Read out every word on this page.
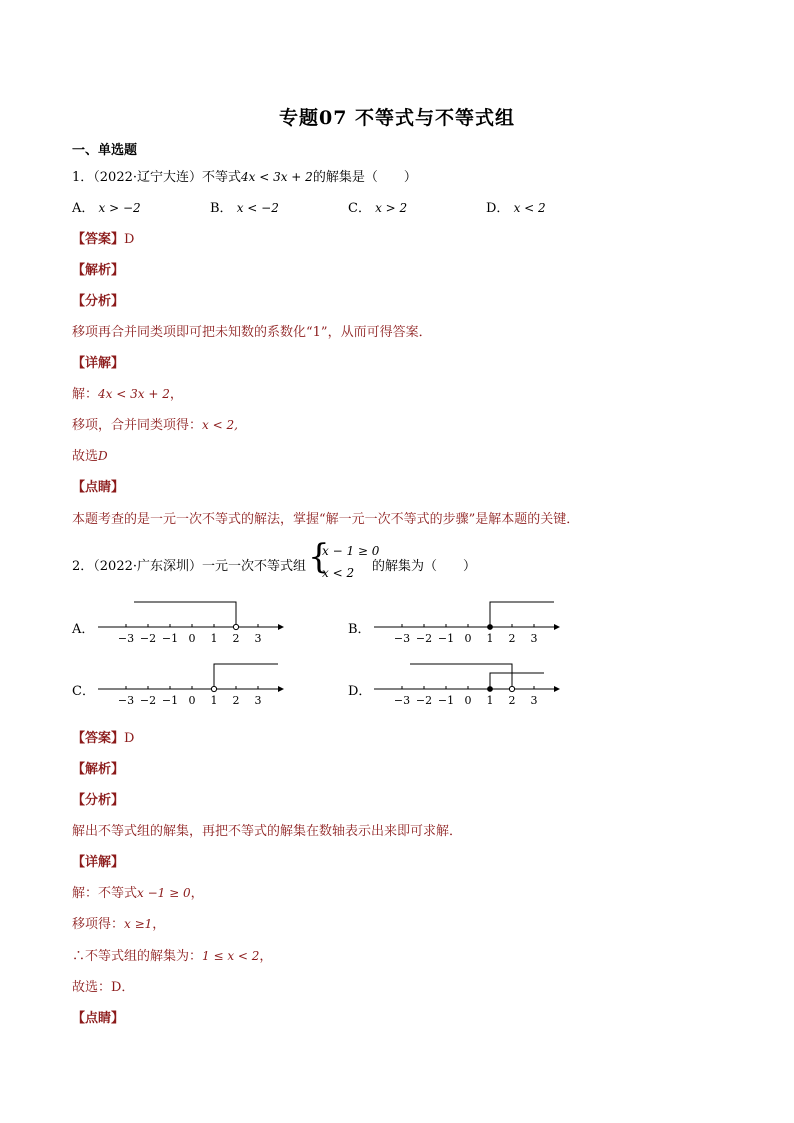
专题07 不等式与不等式组
一、单选题
1．（2022·辽宁大连）不等式4x < 3x + 2的解集是（　　）
A． x > −2	B． x < −2	C． x > 2	D． x < 2
【答案】D
【解析】
【分析】
移项再合并同类项即可把未知数的系数化“1”，从而可得答案．
【详解】
解：4x < 3x + 2，
移项，合并同类项得：x < 2,
故选D
【点睛】
本题考查的是一元一次不等式的解法，掌握“解一元一次不等式的步骤”是解本题的关键．
2．（2022·广东深圳）一元一次不等式组 {
x − 1 ≥ 0
x < 2 的解集为（　　）
A．	B．
C．	D．
−3 −2 −1 0 1 2 3	−3 −2 −1 0 1 2 3
−3 −2 −1 0 1 2 3	−3 −2 −1 0 1 2 3
【答案】D
【解析】
【分析】
解出不等式组的解集，再把不等式的解集在数轴表示出来即可求解．
【详解】
解：不等式x −1 ≥ 0，
移项得：x ≥1，
∴不等式组的解集为：1 ≤ x < 2，
故选：D．
【点睛】
